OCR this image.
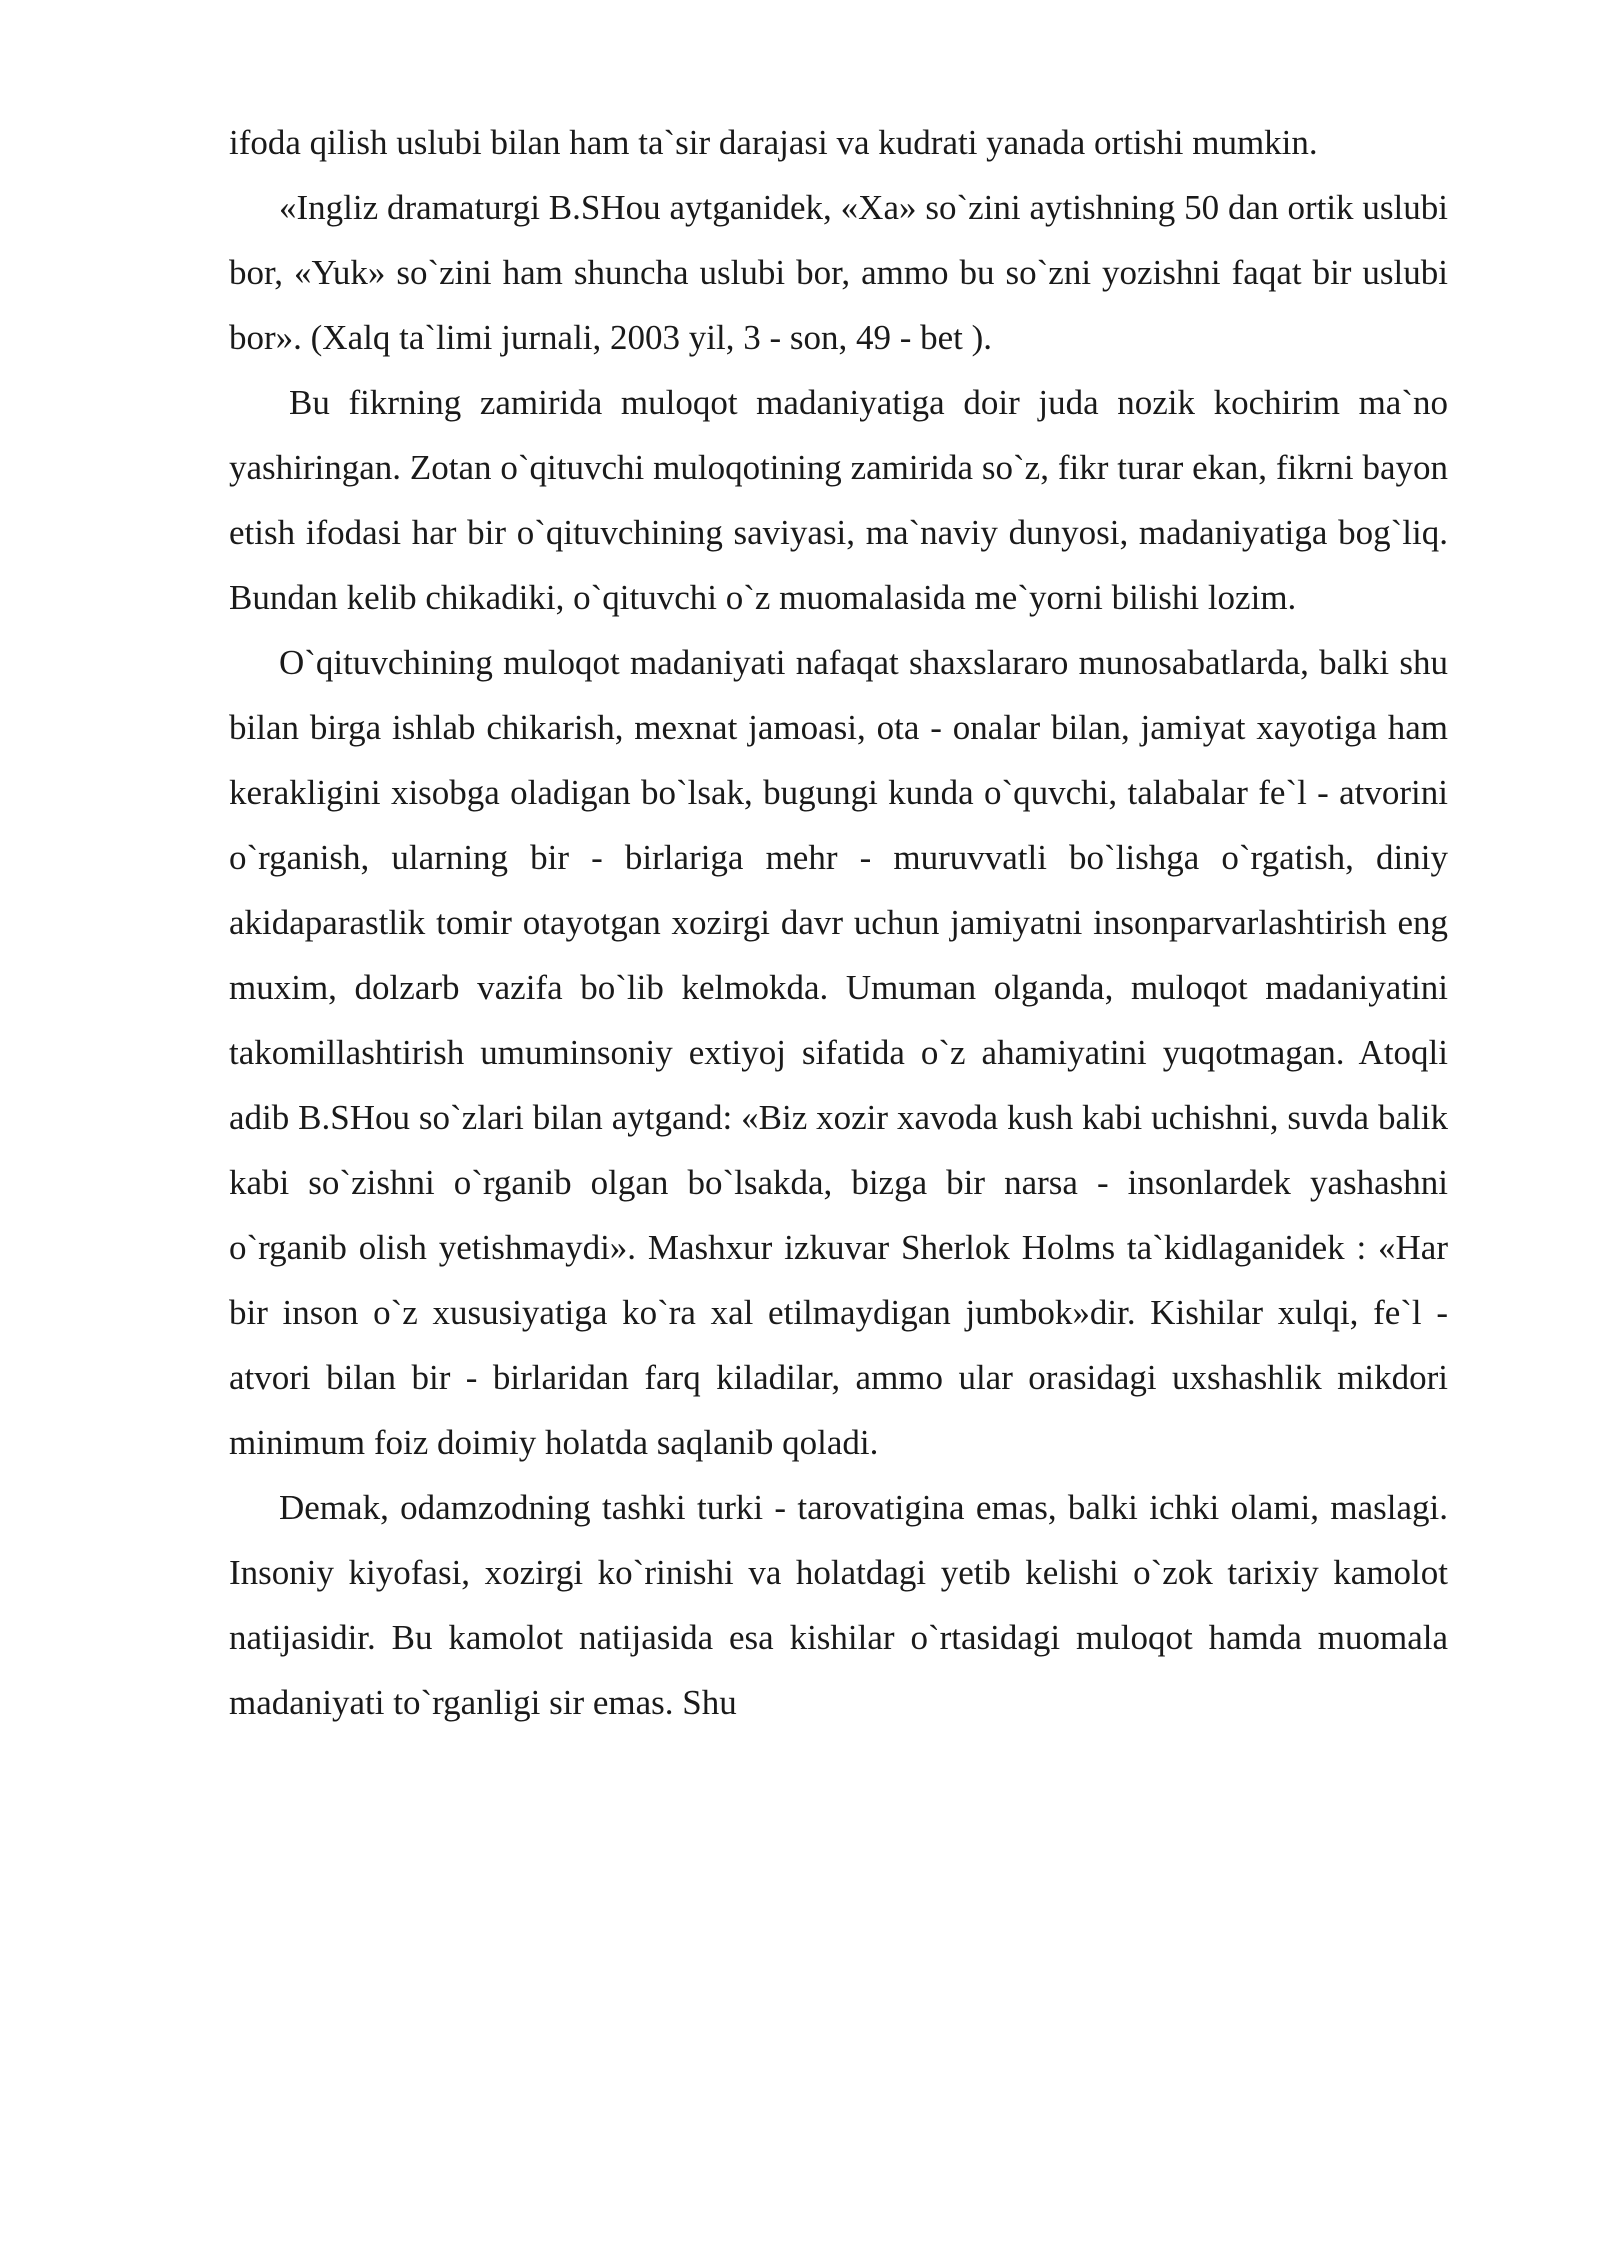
ifoda qilish uslubi bilan ham ta`sir darajasi va kudrati yanada ortishi mumkin.

«Ingliz dramaturgi B.SHou aytganidek, «Xa» so`zini aytishning 50 dan ortik uslubi bor, «Yuk» so`zini ham shuncha uslubi bor, ammo bu so`zni yozishni faqat bir uslubi bor». (Xalq ta`limi jurnali, 2003 yil, 3 - son, 49 - bet ).

Bu fikrning zamirida muloqot madaniyatiga doir juda nozik kochirim ma`no yashiringan. Zotan o`qituvchi muloqotining zamirida so`z, fikr turar ekan, fikrni bayon etish ifodasi har bir o`qituvchining saviyasi, ma`naviy dunyosi, madaniyatiga bog`liq. Bundan kelib chikadiki, o`qituvchi o`z muomalasida me`yorni bilishi lozim.

O`qituvchining muloqot madaniyati nafaqat shaxslararo munosabatlarda, balki shu bilan birga ishlab chikarish, mexnat jamoasi, ota - onalar bilan, jamiyat xayotiga ham kerakligini xisobga oladigan bo`lsak, bugungi kunda o`quvchi, talabalar fe`l - atvorini o`rganish, ularning bir - birlariga mehr - muruvvatli bo`lishga o`rgatish, diniy akidaparastlik tomir otayotgan xozirgi davr uchun jamiyatni insonparvarlashtirish eng muxim, dolzarb vazifa bo`lib kelmokda. Umuman olganda, muloqot madaniyatini takomillashtirish umuminsoniy extiyoj sifatida o`z ahamiyatini yuqotmagan. Atoqli adib B.SHou so`zlari bilan aytgand: «Biz xozir xavoda kush kabi uchishni, suvda balik kabi so`zishni o`rganib olgan bo`lsakda, bizga bir narsa - insonlardek yashashni o`rganib olish yetishmaydi». Mashxur izkuvar Sherlok Holms ta`kidlaganidek : «Har bir inson o`z xususiyatiga ko`ra xal etilmaydigan jumbok»dir. Kishilar xulqi, fe`l - atvori bilan bir - birlaridan farq kiladilar, ammo ular orasidagi uxshashlik mikdori minimum foiz doimiy holatda saqlanib qoladi.

Demak, odamzodning tashki turki - tarovatigina emas, balki ichki olami, maslagi. Insoniy kiyofasi, xozirgi ko`rinishi va holatdagi yetib kelishi o`zok tarixiy kamolot natijasidir. Bu kamolot natijasida esa kishilar o`rtasidagi muloqot hamda muomala madaniyati to`rganligi sir emas. Shu
